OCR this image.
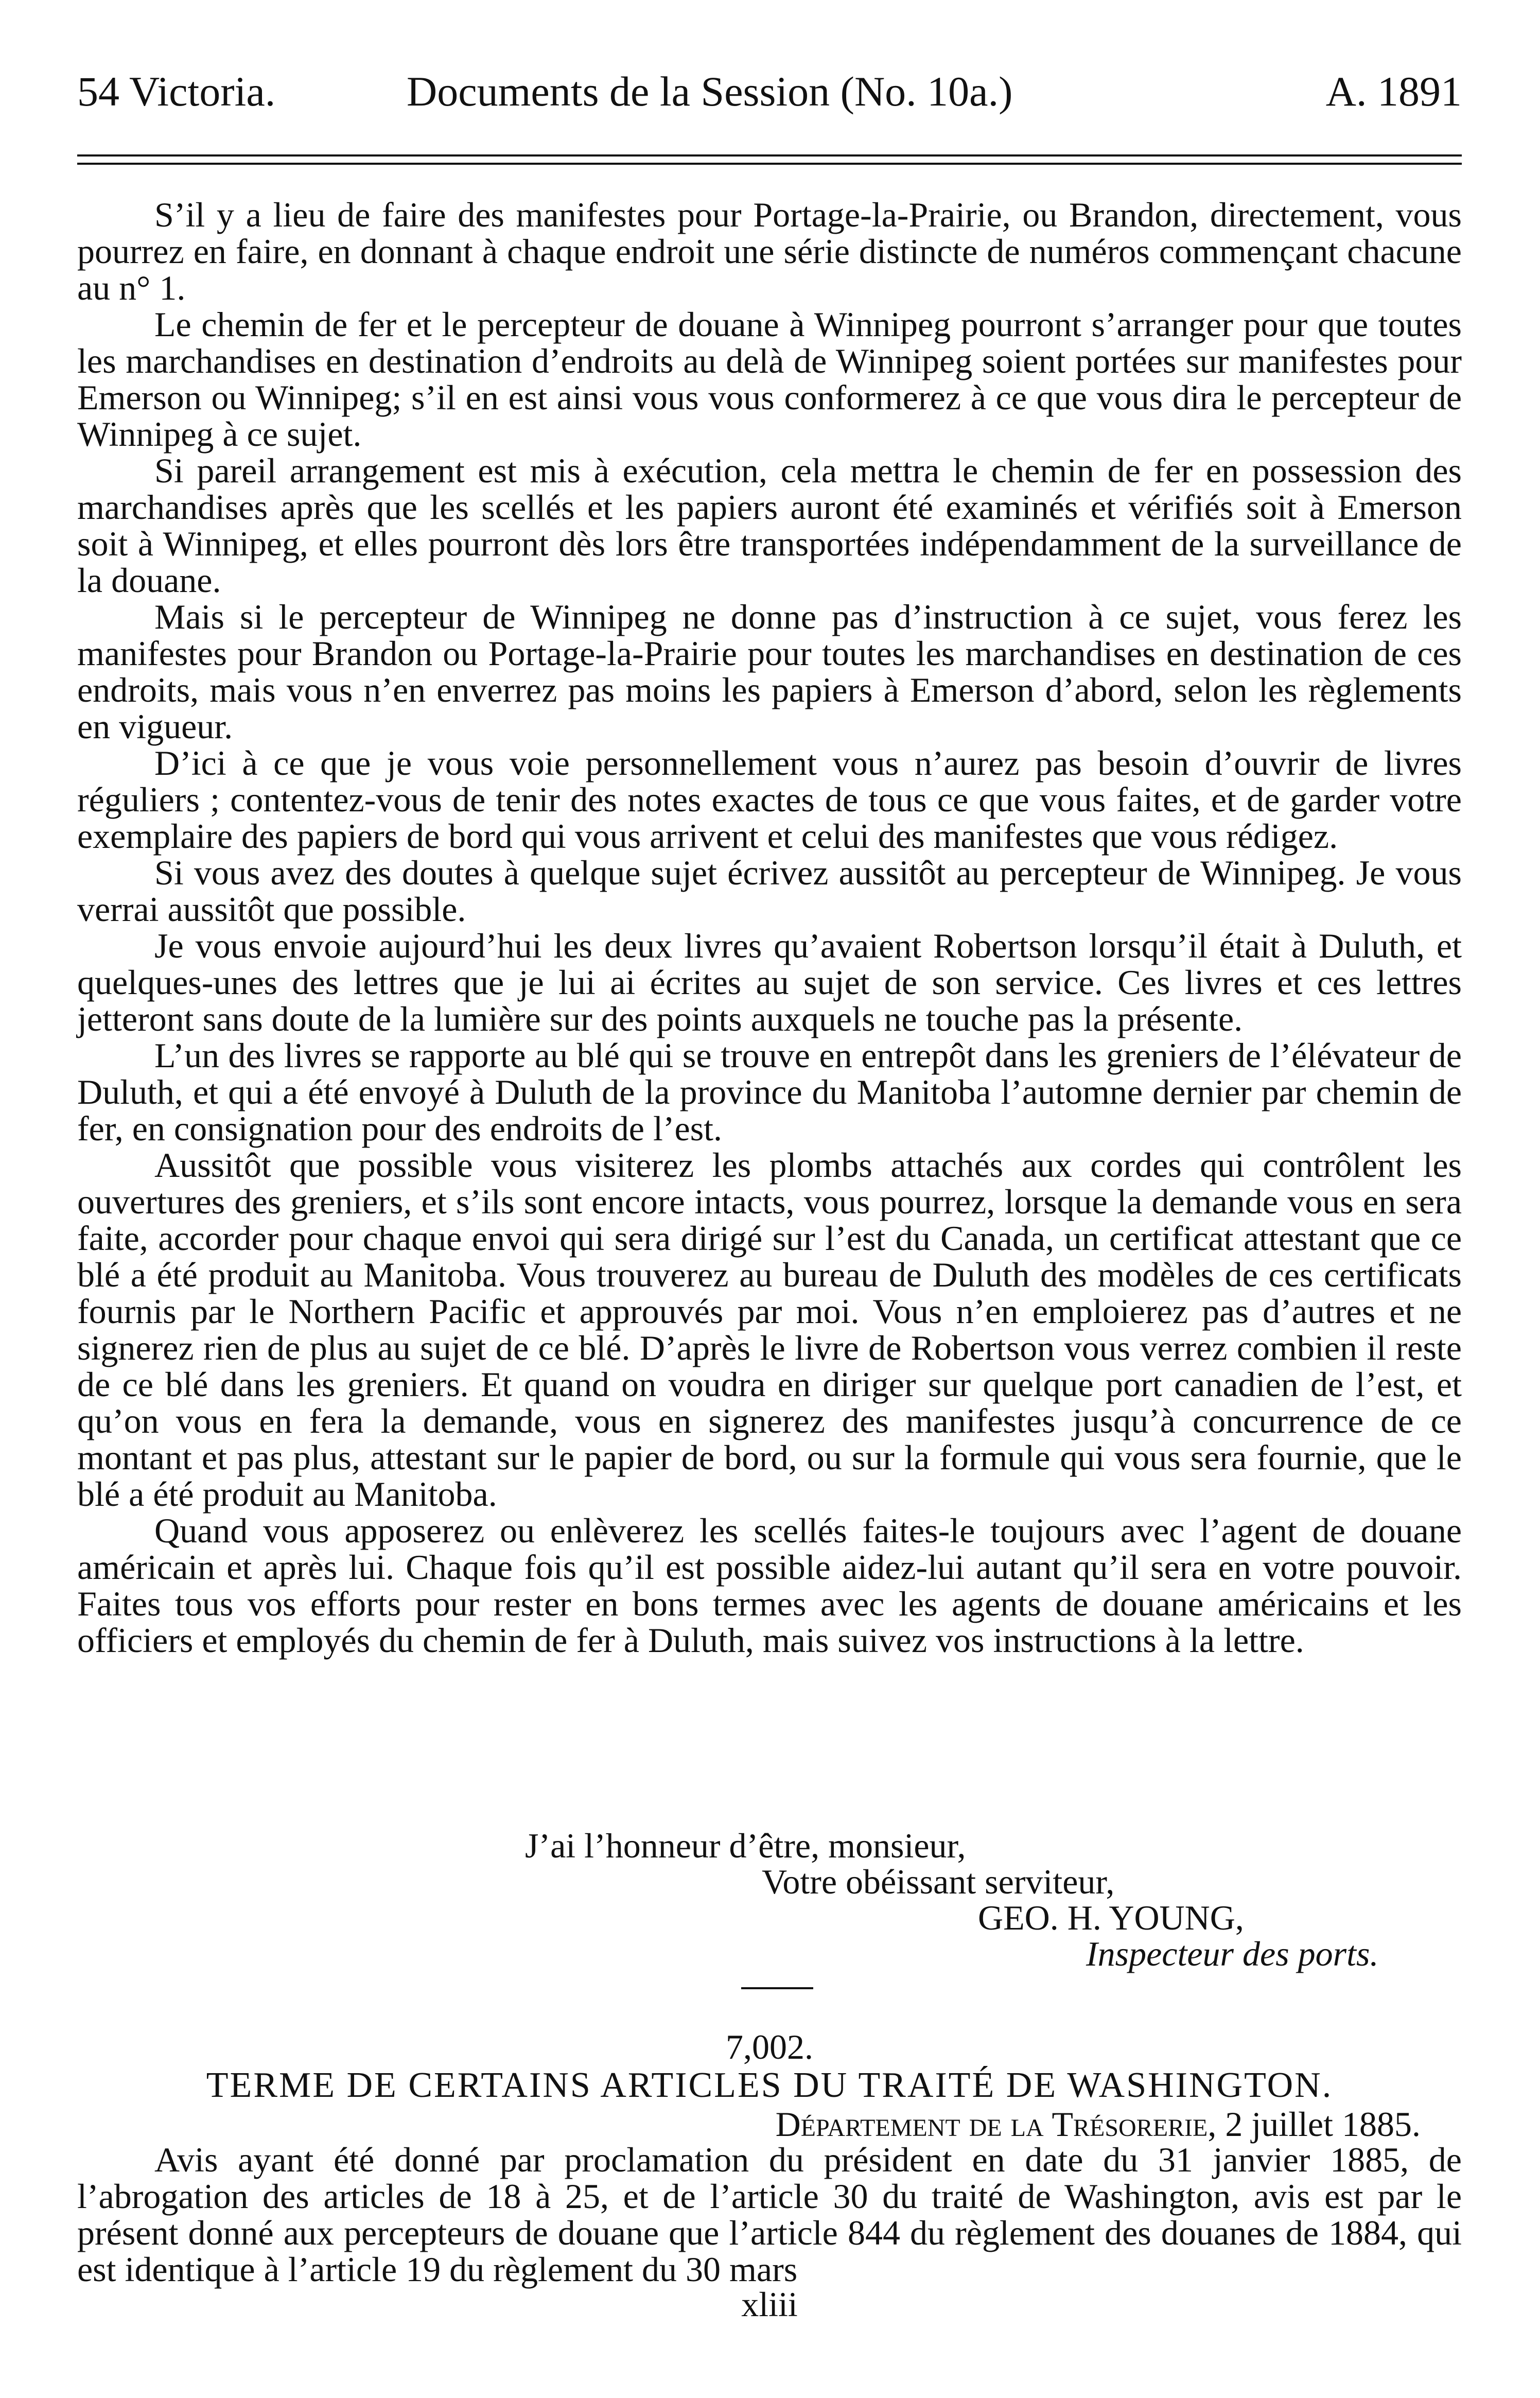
54 Victoria.	Documents de la Session (No. 10a.)	A. 1891

S’il y a lieu de faire des manifestes pour Portage-la-Prairie, ou Brandon, directement, vous pourrez en faire, en donnant à chaque endroit une série distincte de numéros commençant chacune au n° 1.

Le chemin de fer et le percepteur de douane à Winnipeg pourront s’arranger pour que toutes les marchandises en destination d’endroits au delà de Winnipeg soient portées sur manifestes pour Emerson ou Winnipeg; s’il en est ainsi vous vous conformerez à ce que vous dira le percepteur de Winnipeg à ce sujet.

Si pareil arrangement est mis à exécution, cela mettra le chemin de fer en possession des marchandises après que les scellés et les papiers auront été examinés et vérifiés soit à Emerson soit à Winnipeg, et elles pourront dès lors être transportées indépendamment de la surveillance de la douane.

Mais si le percepteur de Winnipeg ne donne pas d’instruction à ce sujet, vous ferez les manifestes pour Brandon ou Portage-la-Prairie pour toutes les marchandises en destination de ces endroits, mais vous n’en enverrez pas moins les papiers à Emerson d’abord, selon les règlements en vigueur.

D’ici à ce que je vous voie personnellement vous n’aurez pas besoin d’ouvrir de livres réguliers ; contentez-vous de tenir des notes exactes de tous ce que vous faites, et de garder votre exemplaire des papiers de bord qui vous arrivent et celui des manifestes que vous rédigez.

Si vous avez des doutes à quelque sujet écrivez aussitôt au percepteur de Winnipeg. Je vous verrai aussitôt que possible.

Je vous envoie aujourd’hui les deux livres qu’avaient Robertson lorsqu’il était à Duluth, et quelques-unes des lettres que je lui ai écrites au sujet de son service. Ces livres et ces lettres jetteront sans doute de la lumière sur des points auxquels ne touche pas la présente.

L’un des livres se rapporte au blé qui se trouve en entrepôt dans les greniers de l’élévateur de Duluth, et qui a été envoyé à Duluth de la province du Manitoba l’automne dernier par chemin de fer, en consignation pour des endroits de l’est.

Aussitôt que possible vous visiterez les plombs attachés aux cordes qui contrôlent les ouvertures des greniers, et s’ils sont encore intacts, vous pourrez, lorsque la demande vous en sera faite, accorder pour chaque envoi qui sera dirigé sur l’est du Canada, un certificat attestant que ce blé a été produit au Manitoba. Vous trouverez au bureau de Duluth des modèles de ces certificats fournis par le Northern Pacific et approuvés par moi. Vous n’en emploierez pas d’autres et ne signerez rien de plus au sujet de ce blé. D’après le livre de Robertson vous verrez combien il reste de ce blé dans les greniers. Et quand on voudra en diriger sur quelque port canadien de l’est, et qu’on vous en fera la demande, vous en signerez des manifestes jusqu’à concurrence de ce montant et pas plus, attestant sur le papier de bord, ou sur la formule qui vous sera fournie, que le blé a été produit au Manitoba.

Quand vous apposerez ou enlèverez les scellés faites-le toujours avec l’agent de douane américain et après lui. Chaque fois qu’il est possible aidez-lui autant qu’il sera en votre pouvoir. Faites tous vos efforts pour rester en bons termes avec les agents de douane américains et les officiers et employés du chemin de fer à Duluth, mais suivez vos instructions à la lettre.

J’ai l’honneur d’être, monsieur,
Votre obéissant serviteur,
GEO. H. YOUNG,
Inspecteur des ports.
7,002.
TERME DE CERTAINS ARTICLES DU TRAITÉ DE WASHINGTON.
Département de la Trésorerie, 2 juillet 1885.

Avis ayant été donné par proclamation du président en date du 31 janvier 1885, de l’abrogation des articles de 18 à 25, et de l’article 30 du traité de Washington, avis est par le présent donné aux percepteurs de douane que l’article 844 du règlement des douanes de 1884, qui est identique à l’article 19 du règlement du 30 mars

xliii
